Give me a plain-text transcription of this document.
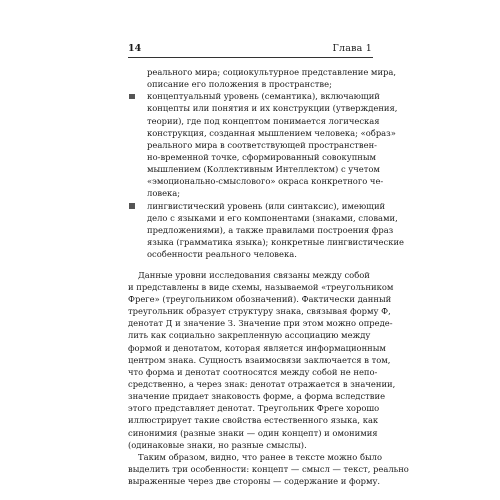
14	Глава 1
реального мира; социокультурное представление мира,
описание его положения в пространстве;
концептуальный уровень (семантика), включающий
концепты или понятия и их конструкции (утверждения,
теории), где под концептом понимается логическая
конструкция, созданная мышлением человека; «образ»
реального мира в соответствующей пространствен-
но-временной точке, сформированный совокупным
мышлением (Коллективным Интеллектом) с учетом
«эмоционально-смыслового» окраса конкретного че-
ловека;
лингвистический уровень (или синтаксис), имеющий
дело с языками и его компонентами (знаками, словами,
предложениями), а также правилами построения фраз
языка (грамматика языка); конкретные лингвистические
особенности реального человека.
Данные уровни исследования связаны между собой
и представлены в виде схемы, называемой «треугольником
Фреге» (треугольником обозначений). Фактически данный
треугольник образует структуру знака, связывая форму Ф,
денотат Д и значение З. Значение при этом можно опреде-
лить как социально закрепленную ассоциацию между
формой и денотатом, которая является информационным
центром знака. Сущность взаимосвязи заключается в том,
что форма и денотат соотносятся между собой не непо-
средственно, а через знак: денотат отражается в значении,
значение придает знаковость форме, а форма вследствие
этого представляет денотат. Треугольник Фреге хорошо
иллюстрирует такие свойства естественного языка, как
синонимия (разные знаки — один концепт) и омонимия
(одинаковые знаки, но разные смыслы).
Таким образом, видно, что ранее в тексте можно было
выделить три особенности: концепт — смысл — текст, реально
выраженные через две стороны — содержание и форму.
